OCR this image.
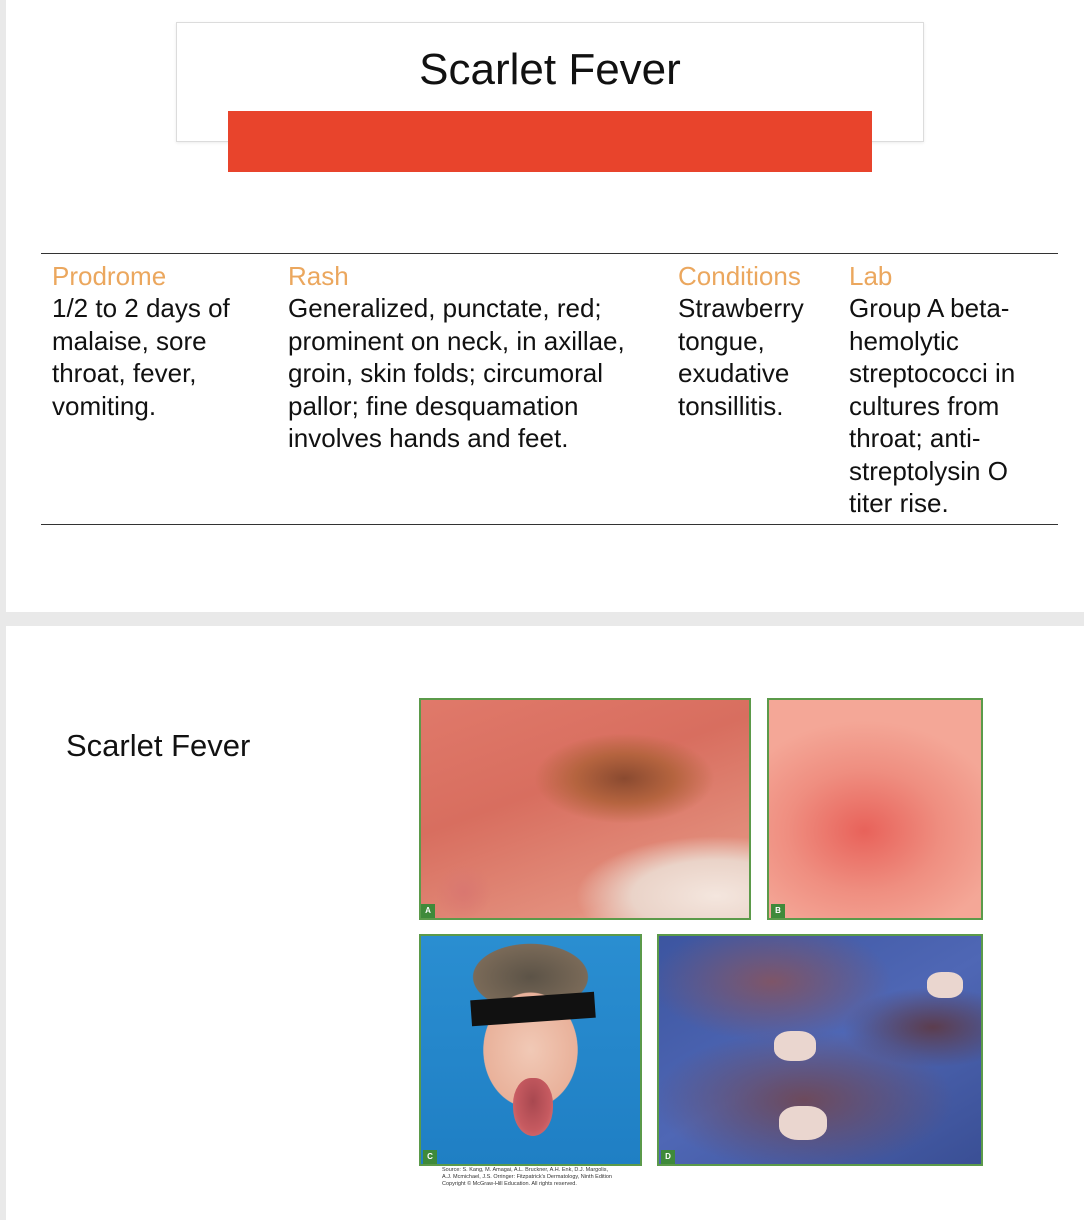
Scarlet Fever
Prodrome
1/2 to 2 days of
malaise, sore
throat, fever,
vomiting.
Rash
Generalized, punctate, red;
prominent on neck, in axillae,
groin, skin folds; circumoral
pallor; fine desquamation
involves hands and feet.
Conditions
Strawberry
tongue,
exudative
tonsillitis.
Lab
Group A beta-
hemolytic
streptococci in
cultures from
throat; anti-
streptolysin O
titer rise.
Scarlet Fever
A	B
C	D
Source: S. Kang, M. Amagai, A.L. Bruckner, A.H. Enk, D.J. Margolis,
A.J. Mcmichael, J.S. Orringer: Fitzpatrick's Dermatology, Ninth Edition
Copyright © McGraw-Hill Education. All rights reserved.
